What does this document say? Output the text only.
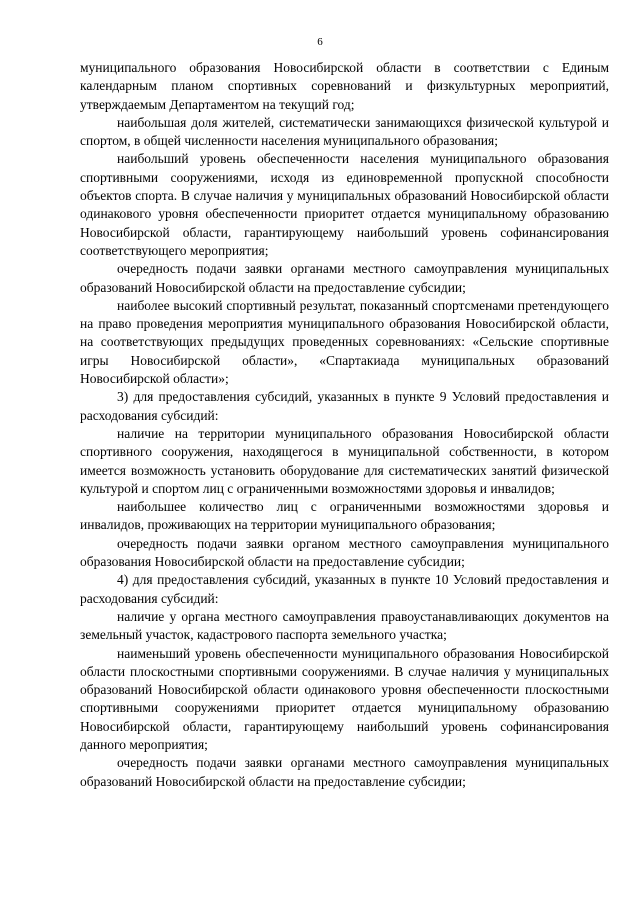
6

муниципального образования Новосибирской области в соответствии с Единым календарным планом спортивных соревнований и физкультурных мероприятий, утверждаемым Департаментом на текущий год;

наибольшая доля жителей, систематически занимающихся физической культурой и спортом, в общей численности населения муниципального образования;

наибольший уровень обеспеченности населения муниципального образования спортивными сооружениями, исходя из единовременной пропускной способности объектов спорта. В случае наличия у муниципальных образований Новосибирской области одинакового уровня обеспеченности приоритет отдается муниципальному образованию Новосибирской области, гарантирующему наибольший уровень софинансирования соответствующего мероприятия;

очередность подачи заявки органами местного самоуправления муниципальных образований Новосибирской области на предоставление субсидии;

наиболее высокий спортивный результат, показанный спортсменами претендующего на право проведения мероприятия муниципального образования Новосибирской области, на соответствующих предыдущих проведенных соревнованиях: «Сельские спортивные игры Новосибирской области», «Спартакиада муниципальных образований Новосибирской области»;

3) для предоставления субсидий, указанных в пункте 9 Условий предоставления и расходования субсидий:

наличие на территории муниципального образования Новосибирской области спортивного сооружения, находящегося в муниципальной собственности, в котором имеется возможность установить оборудование для систематических занятий физической культурой и спортом лиц с ограниченными возможностями здоровья и инвалидов;

наибольшее количество лиц с ограниченными возможностями здоровья и инвалидов, проживающих на территории муниципального образования;

очередность подачи заявки органом местного самоуправления муниципального образования Новосибирской области на предоставление субсидии;

4) для предоставления субсидий, указанных в пункте 10 Условий предоставления и расходования субсидий:

наличие у органа местного самоуправления правоустанавливающих документов на земельный участок, кадастрового паспорта земельного участка;

наименьший уровень обеспеченности муниципального образования Новосибирской области плоскостными спортивными сооружениями. В случае наличия у муниципальных образований Новосибирской области одинакового уровня обеспеченности плоскостными спортивными сооружениями приоритет отдается муниципальному образованию Новосибирской области, гарантирующему наибольший уровень софинансирования данного мероприятия;

очередность подачи заявки органами местного самоуправления муниципальных образований Новосибирской области на предоставление субсидии;
